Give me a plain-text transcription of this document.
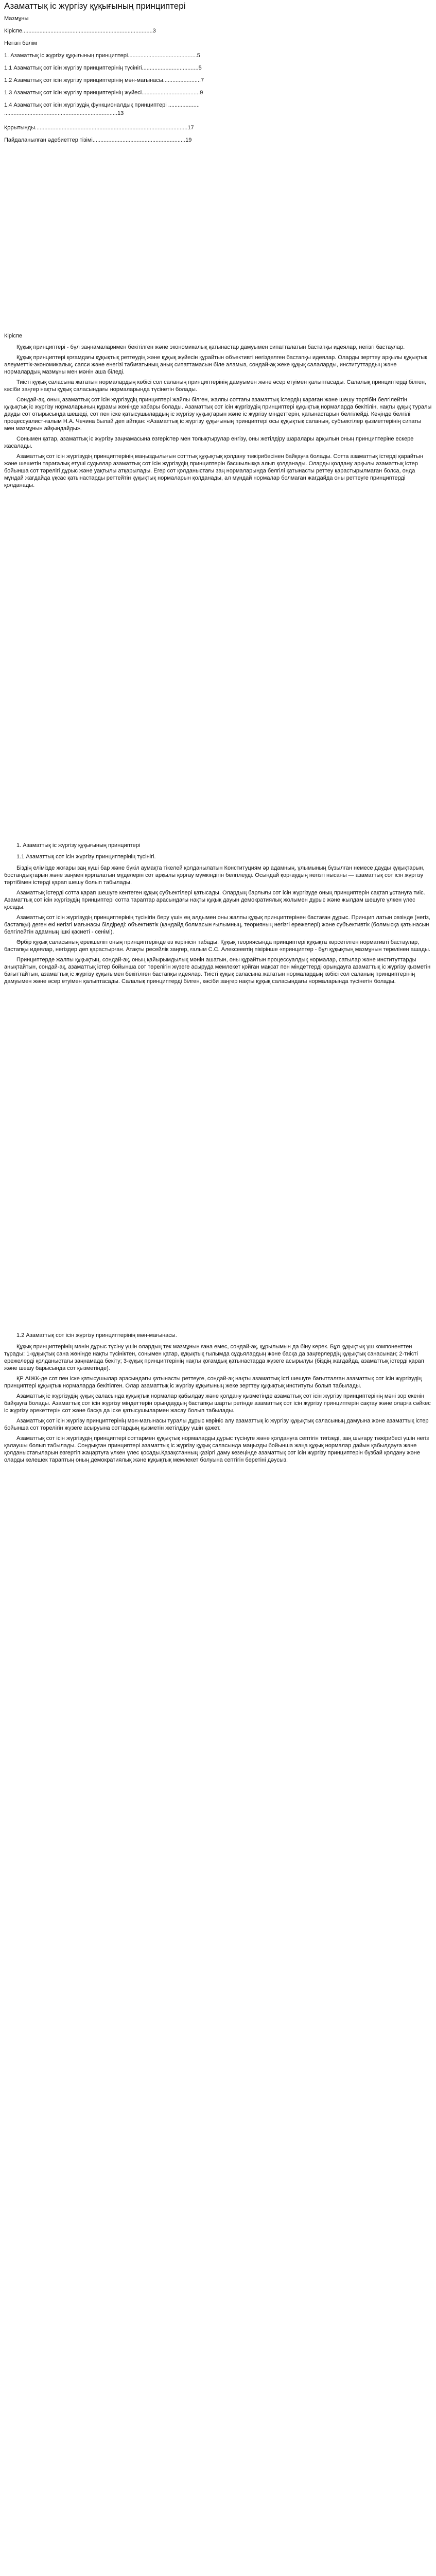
Азаматтық іс жүргізу құқығының принциптері

Мазмұны

Кіріспе...................................................................................3

Негізгі бөлім

1. Азаматтық іс жүргізу құқығының принциптері............................................5

1.1 Азаматтық сот ісін жүргізу принциптерінің түсінігі....................................5

1.2 Азаматтық сот ісін жүргізу принциптерінің мән-мағынасы........................7

1.3 Азаматтық сот ісін жүргізу принциптерінің жүйесі.....................................9

1.4 Азаматтық сот ісін жүргізудің функционалдық принциптері ....................

........................................................................13

Қорытынды.................................................................................................17

Пайдаланылған әдебиеттер тізімі...........................................................19

Кіріспе

Құқық принциптері - бұл заңнамаларимен бекітілген және экономикалық қатынастар дамуымен сипатталатын бастапқы идеялар, негізгі бастаулар.

Құқық принциптері қоғамдағы құқықтық реттеудің және құқық жүйесін құрайтын объективті негізделген бастапқы идеялар. Оларды зерттеу арқылы құқықтық әлеуметтік-экономикалық, саяси және енегізі табиғатының анық сипаттамасын біле аламыз, сондай-ақ жеке құқық салаларды, институттардың және нормалардың мазмұны мен мәнін аша бiледi.

Тиісті құқық саласына жататын нормалардың көбісі сол саланың принциптерінің дамуымен және әсер етуімен қалыптасады. Салалық принциптерді білген, кәсіби заңгер нақты құқық саласындағы нормаларында түсінетін болады.

Сондай-ақ, оның азаматтық сот ісін жүргізудің принциптері жайлы білген, жалпы соттағы азаматтық істердің қараған және шешу тәртібін белгілейтін құқықтық іс жүргізу нормаларының құрамы жөнінде хабары болады. Азаматтық сот ісін жүргізудің принциптері құқықтық нормаларда бекітілін, нақты құқық туралы дауды сот отырысында шешеді, сот пен іске қатысушылардың іс жүргізу құқықтарын және іс жүргізу міндеттерін, қатынастарын белгілейді. Кеңінде белгілі процессуалист-ғалым Н.А. Чечина былай деп айтқан: «Азаматтық іс жүргізу құқығының принциптері осы құқықтық саланың, субъектілер қызметтерінің сипаты мен мазмұнын айқындайды».

Сонымен қатар, азаматтық іс жүргізу заңнамасына өзгерістер мен толықтырулар енгізу, оны жетілдіру шаралары арқылын оның принциптеріне ескере жасалады.

Азаматтық сот ісін жүргізудің принциптерінің маңыздылығын сотттық құқықтық қолдану тәжірибесінен байқауға болады. Сотта азаматтық істерді қарайтын және шешетін тәрағалық етуші судьялар азаматтық сот ісін жүргізудің принциптерін басшылыққа алып қолданады. Оларды қолдану арқылы азаматтық істер бойынша сот тәрелігі дұрыс және уақтылы атқарылады. Егер сот қолданыстағы заң нормаларында белгілі қатынасты реттеу қарастырылмаған болса, онда мұндай жағдайда ұқсас қатынастарды реттейтін құқықтық нормаларын қолданады, ал мұндай нормалар болмаған жағдайда оны реттеуге принциптерді қолданады.

1. Азаматтық іс жүргізу құқығының принциптері

1.1 Азаматтық сот ісін жүргізу принциптерінің түсінігі.

Біздің еліміздe жоғары заң күші бар және бүкіл аумақта тікелей қолданылатын Конституциям əр адамның, ұлымының бұзылған немесе дауды құқықтарын, бостандықтарын және заңмен қорғалатын мүделерін сот арқылы қорғау мүмкіндігін белгілеуді. Осындай қорғаудың негізгі нысаны — азаматтық сот ісін жүргізу тәртібімен істерді қарап шешу болып табылады.

Азаматтық істерді сотта қарап шешуге кентеген құқық субъектілері қатысады. Олардың барлығы сот ісін жүргізуде оның принциптерін сақтап ұстануға тиіс. Азаматтық сот ісін жүргізудің принциптері сотта тараптар арасындағы нақты құқық дауын демократиялық жолымен дұрыс және жылдам шешуге үлкен үлес қосады.

Азаматтық сот ісін жүргізудің принциптерінің түсінігін беру үшін ең алдымен оны жалпы құқық принциптерінен бастаған дұрыс. Принцип латын сөзінде (негіз, бастапқы) деген екі негізгі мағынасы білдіреді: объективтік (қандайд болмасын ғылымның, теорияның негізгі ережелері) және субъективтік (болмысқа қатынасын белгілейтін адамның ішкі қасиеті - сенімі).

Әрбір құқық саласының ерекшелігі оның принциптерінде өз көрінісін табады. Құқық теориясында принциптері құқықта көрсетілген нормативті бастаулар, бастапқы идеялар, негіздер деп қарастырған. Атақты ресейлік заңгер, ғалым С.С. Алексеевтің пікірінше «принциптер - бұл құқықтың мазмұнын терелінен ашады.

Принциптерде жалпы құқықтың, сондай-ақ, оның қайырымдылық мәнін ашатын, оны құрайтын процессуалдық нормалар, сатылар және институттарды анықтайтын, сондай-ақ, азаматтық істер бойынша сот төрелігін жүзеге асыруда мемлекет қойған мақсат пен міндеттерді орындауға азаматтық іс жүргізу қызметін бағыттайтын, азаматтық іс жүргізу құқығымен бекітілген бастапқы идеялар. Тиісті құқық саласына жататын нормалардың көбісі сол саланың принциптерінің дамуымен және әсер етуімен қалыптасады. Салалық принциптерді білген, кәсіби заңгер нақты құқық саласындағы нормаларында түсінетін болады.

1.2 Азаматтық сот ісін жүргізу принциптерінің мән-мағынасы.

Құқық принциптерінің мәнін дұрыс түсіну үшін олардың тек мазмұнын ғана емес, сондай-ақ, құрылымын да біну керек. Бұл құқықтық үш компоненттен тұрады: 1-құқықтық сана жөнінде нақты түсініктен, сонымен қатар, құқықтық ғылымда сұдьялардың және басқа да заңгерлердің құқықтық санасынан; 2-тиісті ережелерді қолданыстағы заңнамада бекіту; 3-құқық принциптерінің нақты қоғамдық қатынастарда жүзеге асырылуы (біздің жағдайда, азаматтық істерді қарап және шешу барысында сот қызметінде).

ҚР АІЖК-де сот пен іске қатысушылар арасындағы қатынасты реттеуге, сондай-ақ нақты азаматтық істі шешуге бағытталған азаматтық сот ісін жүргізудің принциптері құқықтық нормаларда бекітілген. Олар азаматтық іс жүргізу құқығының жеке зерттеу құқықтық институты болып табылады.

Азаматтық іс жүргізудің құқық саласында құқықтық нормалар қабылдау және қолдану қызметінде азаматтық сот ісін жүргізу принциптерінің мәні зор екенін байқауға болады. Азаматтық сот ісін жүргізу міндеттерін орындаудың бастапқы шарты ретінде азаматтық сот ісін жүргізу принциптерін сақтау және оларға сәйкес іс жүргізу әрекеттерін сот және басқа да іске қатысушылармен жасау болып табылады.

Азаматтық сот ісін жүргізу принциптерінің мән-мағынасы туралы дұрыс көрініс алу азаматтық іс жүргізу құқықтық саласының дамуына және азаматтық істер бойынша сот төрелігін жүзеге асыруына соттардың қызметін жетілдіру үшін қажет.

Азаматтық сот ісін жүргізудің принциптері соттармен құқықтық нормаларды дұрыс түсінуге және қолдануға септігін тигізеді, заң шығару тәжірибесі үшін негіз қалаушы болып табылады. Сондықтан принциптері азаматтық іс жүргізу құқық саласында маңызды бойынша жаңа құқық нормалар дайын қабылдауға және қолданыстағыларын өзгертіп жаңартуға үлкен үлес қосады.Қазақстанның қазіргі даму кезеңінде азаматтық сот ісін жүргізу принциптерін бүзбай қолдану және оларды келешек тараптың оның демократиялық және құқықтық мемлекет болуына септігін беретіні дәусыз.
